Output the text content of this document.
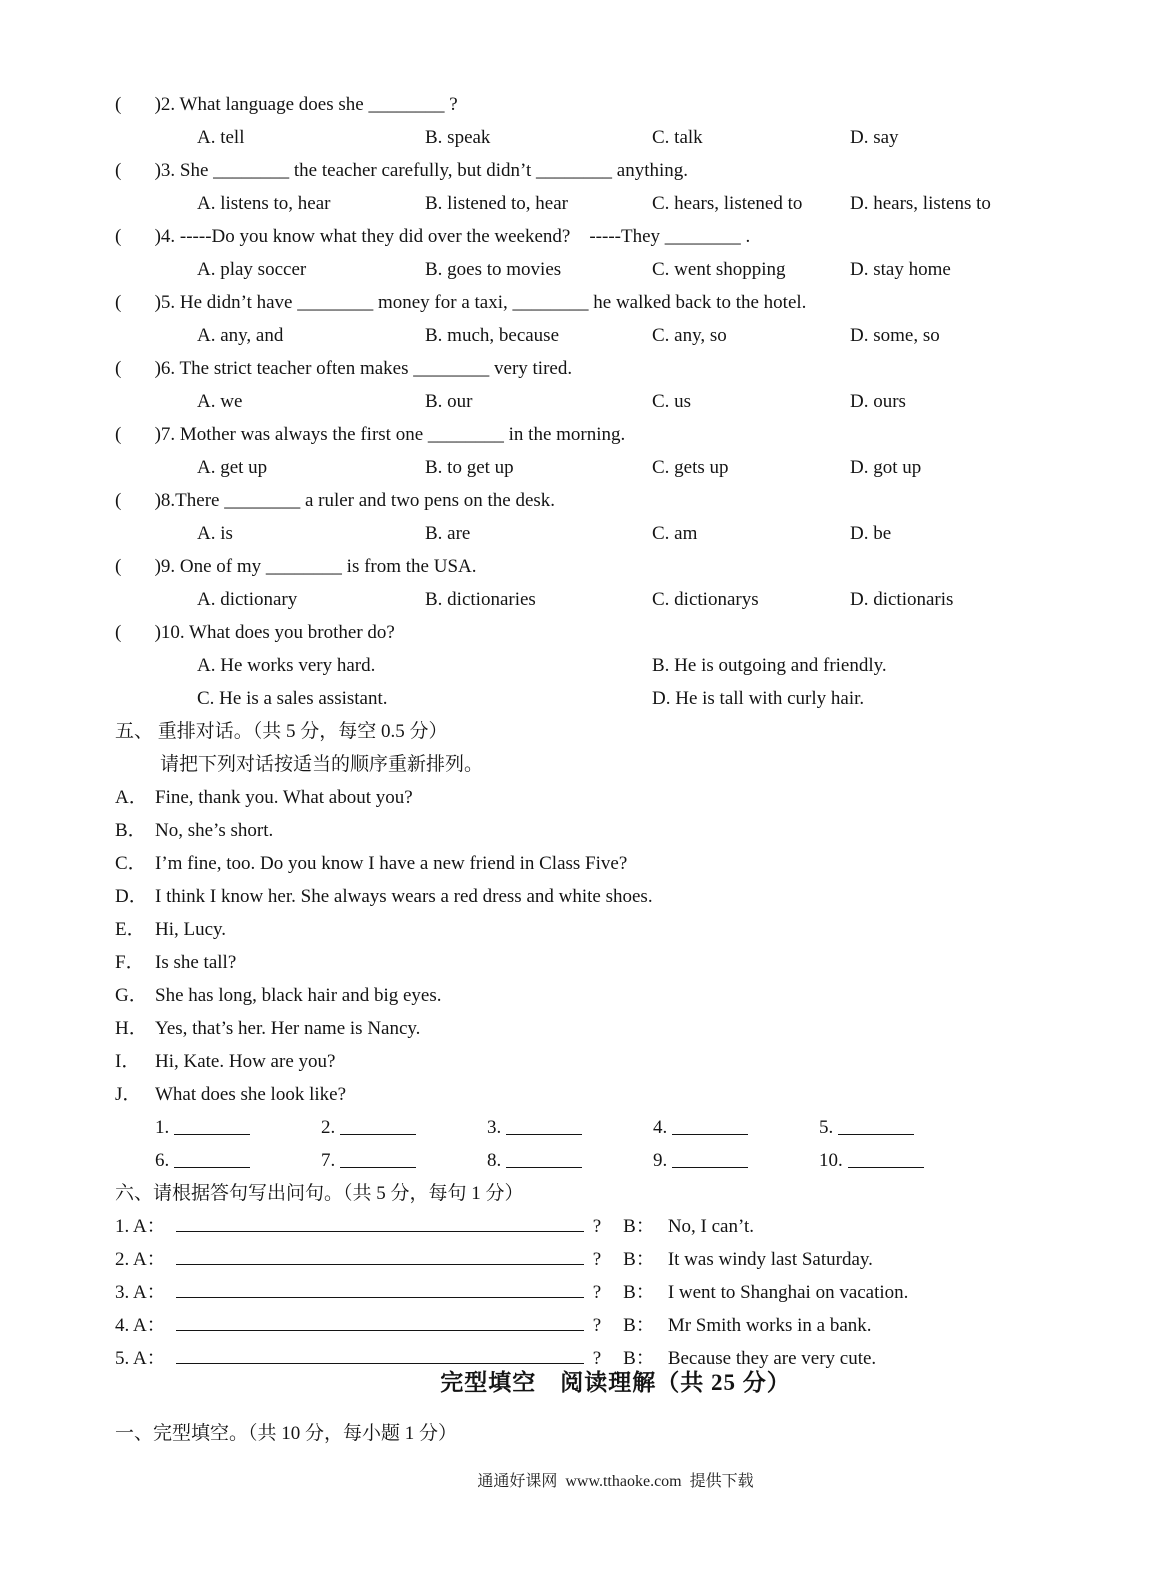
(       )2. What language does she ________ ?
A. tell	B. speak	C. talk	D. say
(       )3. She ________ the teacher carefully, but didn’t ________ anything.
A. listens to, hear	B. listened to, hear	C. hears, listened to	D. hears, listens to
(       )4. -----Do you know what they did over the weekend?    -----They ________ .
A. play soccer	B. goes to movies	C. went shopping	D. stay home
(       )5. He didn’t have ________ money for a taxi, ________ he walked back to the hotel.
A. any, and	B. much, because	C. any, so	D. some, so
(       )6. The strict teacher often makes ________ very tired.
A. we	B. our	C. us	D. ours
(       )7. Mother was always the first one ________ in the morning.
A. get up	B. to get up	C. gets up	D. got up
(       )8.There ________ a ruler and two pens on the desk.
A. is	B. are	C. am	D. be
(       )9. One of my ________ is from the USA.
A. dictionary	B. dictionaries	C. dictionarys	D. dictionaris
(       )10. What does you brother do?
A. He works very hard.	B. He is outgoing and friendly.
C. He is a sales assistant.	D. He is tall with curly hair.
五、 重排对话。（共 5 分，每空 0.5 分）
请把下列对话按适当的顺序重新排列。
A． Fine, thank you. What about you?
B． No, she’s short.
C． I’m fine, too. Do you know I have a new friend in Class Five?
D． I think I know her. She always wears a red dress and white shoes.
E． Hi, Lucy.
F． Is she tall?
G． She has long, black hair and big eyes.
H． Yes, that’s her. Her name is Nancy.
I． Hi, Kate. How are you?
J． What does she look like?
1.	2.	3.	4.	5.
6.	7.	8.	9.	10.
六、请根据答句写出问句。（共 5 分，每句 1 分）
1. A：	? B： No, I can’t.
2. A：	? B： It was windy last Saturday.
3. A：	? B： I went to Shanghai on vacation.
4. A：	? B： Mr Smith works in a bank.
5. A：	? B： Because they are very cute.
完型填空　阅读理解（共 25 分）
一、完型填空。（共 10 分，每小题 1 分）
通通好课网  www.tthaoke.com  提供下载
